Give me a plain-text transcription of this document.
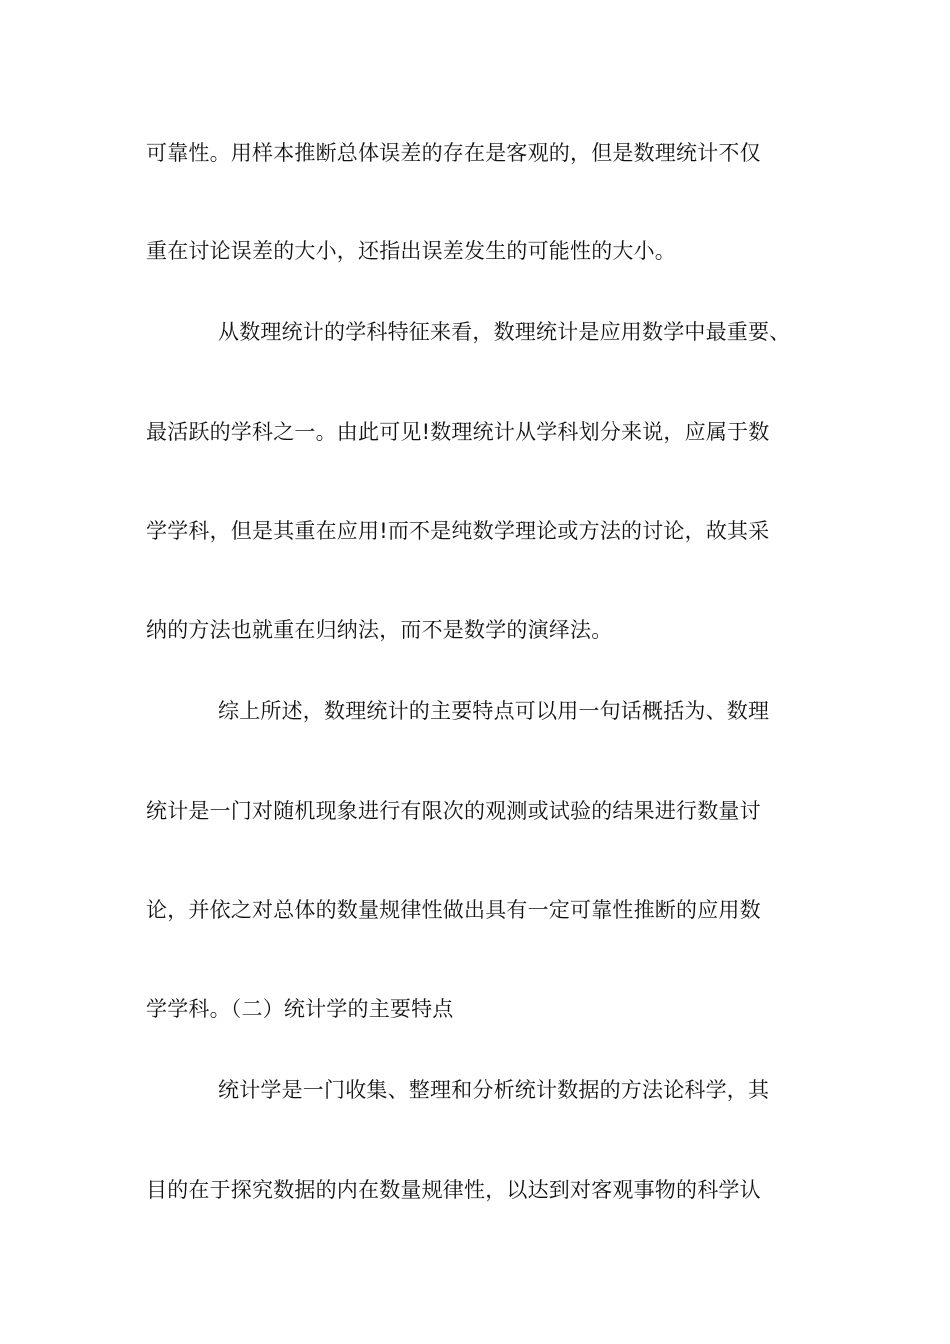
可靠性。用样本推断总体误差的存在是客观的，但是数理统计不仅
重在讨论误差的大小，还指出误差发生的可能性的大小。
从数理统计的学科特征来看，数理统计是应用数学中最重要、
最活跃的学科之一。由此可见!数理统计从学科划分来说，应属于数
学学科，但是其重在应用!而不是纯数学理论或方法的讨论，故其采
纳的方法也就重在归纳法，而不是数学的演绎法。
综上所述，数理统计的主要特点可以用一句话概括为、数理
统计是一门对随机现象进行有限次的观测或试验的结果进行数量讨
论，并依之对总体的数量规律性做出具有一定可靠性推断的应用数
学学科。（二）统计学的主要特点
统计学是一门收集、整理和分析统计数据的方法论科学，其
目的在于探究数据的内在数量规律性，以达到对客观事物的科学认
